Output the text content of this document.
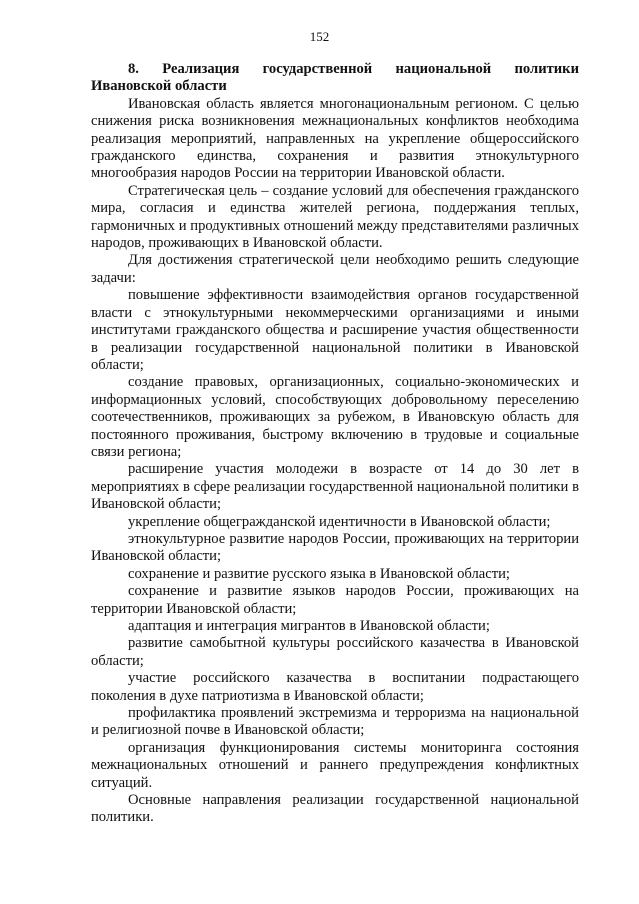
152
8. Реализация государственной национальной политики
Ивановской области

Ивановская область является многонациональным регионом. С целью снижения риска возникновения межнациональных конфликтов необходима реализация мероприятий, направленных на укрепление общероссийского гражданского единства, сохранения и развития этнокультурного многообразия народов России на территории Ивановской области.

Стратегическая цель – создание условий для обеспечения гражданского мира, согласия и единства жителей региона, поддержания теплых, гармоничных и продуктивных отношений между представителями различных народов, проживающих в Ивановской области.

Для достижения стратегической цели необходимо решить следующие задачи:

повышение эффективности взаимодействия органов государственной власти с этнокультурными некоммерческими организациями и иными институтами гражданского общества и расширение участия общественности в реализации государственной национальной политики в Ивановской области;

создание правовых, организационных, социально-экономических и информационных условий, способствующих добровольному переселению соотечественников, проживающих за рубежом, в Ивановскую область для постоянного проживания, быстрому включению в трудовые и социальные связи региона;

расширение участия молодежи в возрасте от 14 до 30 лет в мероприятиях в сфере реализации государственной национальной политики в Ивановской области;

укрепление общегражданской идентичности в Ивановской области;

этнокультурное развитие народов России, проживающих на территории Ивановской области;

сохранение и развитие русского языка в Ивановской области;

сохранение и развитие языков народов России, проживающих на территории Ивановской области;

адаптация и интеграция мигрантов в Ивановской области;

развитие самобытной культуры российского казачества в Ивановской области;

участие российского казачества в воспитании подрастающего поколения в духе патриотизма в Ивановской области;

профилактика проявлений экстремизма и терроризма на национальной и религиозной почве в Ивановской области;

организация функционирования системы мониторинга состояния межнациональных отношений и раннего предупреждения конфликтных ситуаций.

Основные направления реализации государственной национальной политики.
